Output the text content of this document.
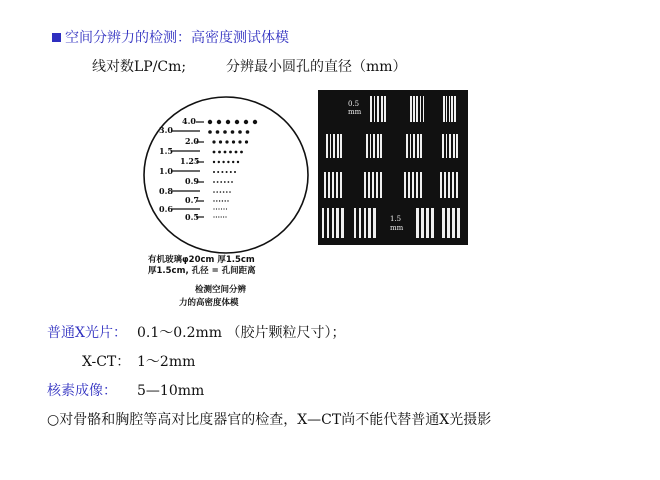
空间分辨力的检测：高密度测试体模
线对数LP/Cm;	分辨最小圆孔的直径（mm）
3.0
1.5
1.0
0.8
0.6
4.0
2.0
1.25
0.9
0.7
0.5
有机玻璃φ20cm 厚1.5cm
厚1.5cm, 孔径 = 孔间距离
检测空间分辨
力的高密度体模
0.5
mm
1.5
mm
普通X光片： 0.1～0.2mm （胶片颗粒尺寸）；
X-CT： 1～2mm
核素成像： 5—10mm
○对骨骼和胸腔等高对比度器官的检查，X—CT尚不能代替普通X光摄影
